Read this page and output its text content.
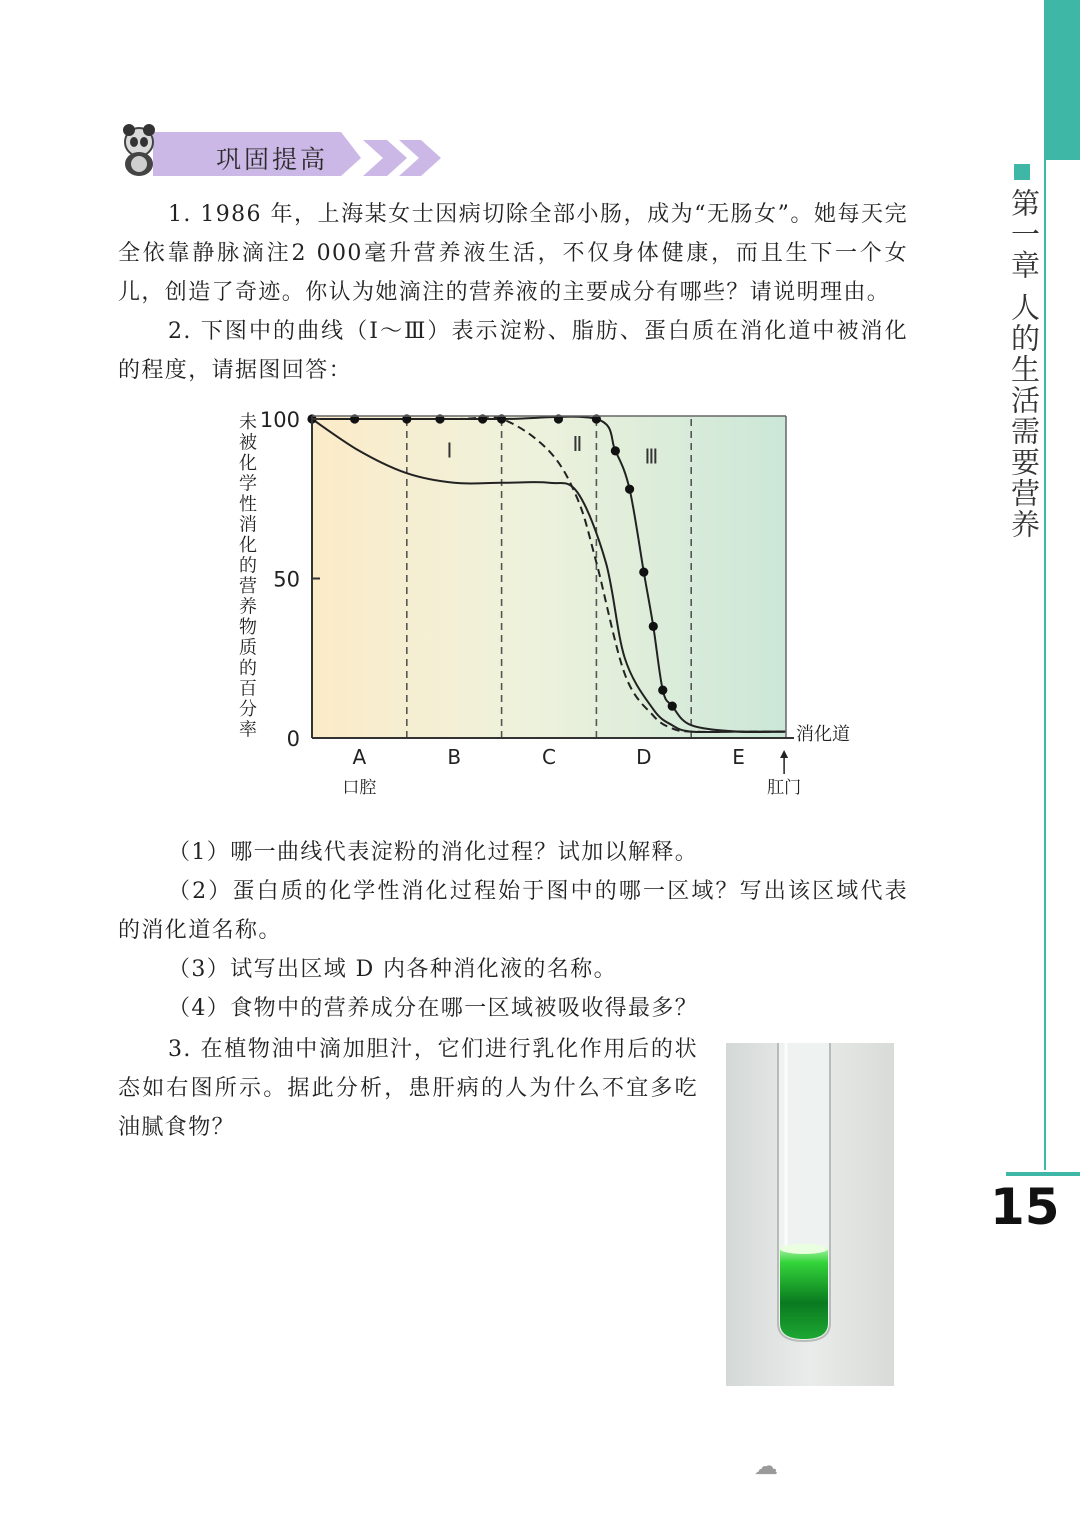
第一章 人的生活需要营养
15
巩固提高
1. 1986 年，上海某女士因病切除全部小肠，成为“无肠女”。她每天完全依靠静脉滴注2 000毫升营养液生活，不仅身体健康，而且生下一个女儿，创造了奇迹。你认为她滴注的营养液的主要成分有哪些？请说明理由。
2. 下图中的曲线（Ⅰ～Ⅲ）表示淀粉、脂肪、蛋白质在消化道中被消化的程度，请据图回答：
未
被
化
学
性
消
化
的
营
养
物
质
的
百
分
率
100
50
0
A	B	C	D	E
消化道
口腔	肛门
Ⅰ	Ⅱ
Ⅲ
（1）哪一曲线代表淀粉的消化过程？试加以解释。
（2）蛋白质的化学性消化过程始于图中的哪一区域？写出该区域代表的消化道名称。
（3）试写出区域 D 内各种消化液的名称。
（4）食物中的营养成分在哪一区域被吸收得最多？
3. 在植物油中滴加胆汁，它们进行乳化作用后的状态如右图所示。据此分析，患肝病的人为什么不宜多吃油腻食物？
☁
